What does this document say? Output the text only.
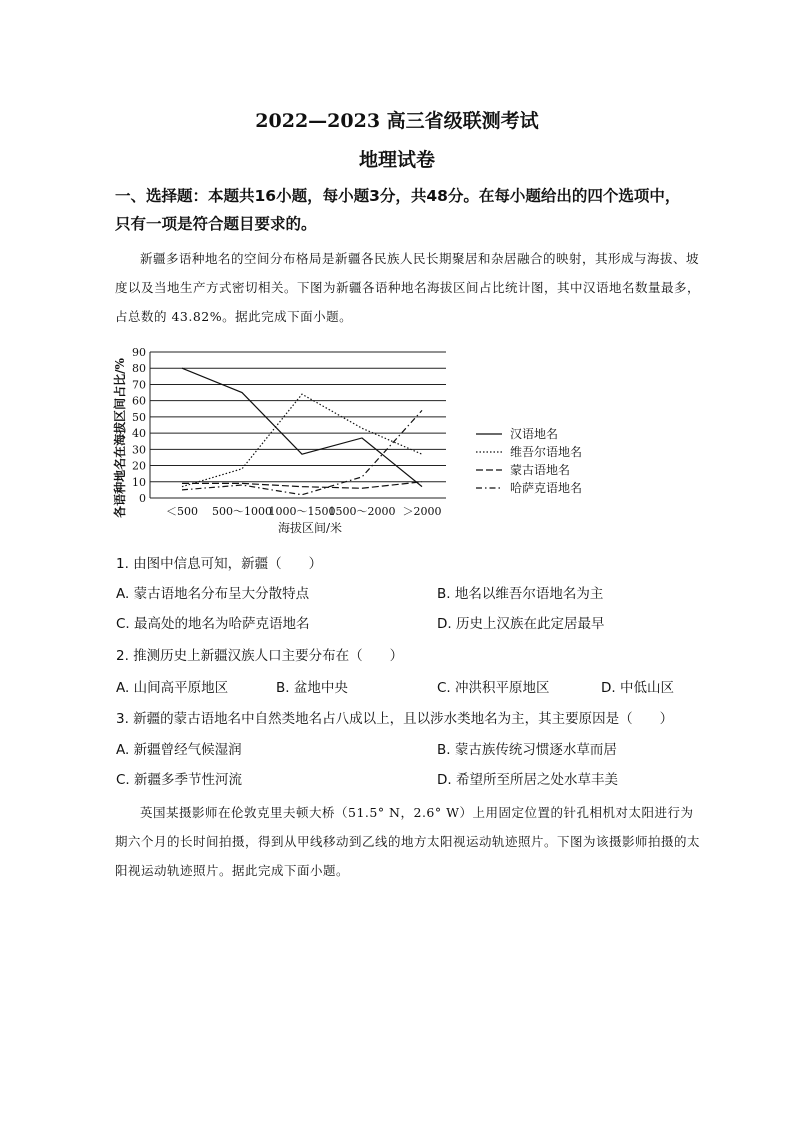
2022—2023 高三省级联测考试
地理试卷
一、选择题：本题共16小题，每小题3分，共48分。在每小题给出的四个选项中，只有一项是符合题目要求的。
新疆多语种地名的空间分布格局是新疆各民族人民长期聚居和杂居融合的映射，其形成与海拔、坡度以及当地生产方式密切相关。下图为新疆各语种地名海拔区间占比统计图，其中汉语地名数量最多，占总数的 43.82%。据此完成下面小题。
各语种地名在海拔区间占比/% 0
10
20
30
40
50
60
70
80
90
＜500 500～1000
1000～1500
1500～2000 ＞2000
汉语地名
维吾尔语地名
蒙古语地名
哈萨克语地名
海拔区间/米
1. 由图中信息可知，新疆（　　）
A. 蒙古语地名分布呈大分散特点	B. 地名以维吾尔语地名为主
C. 最高处的地名为哈萨克语地名	D. 历史上汉族在此定居最早
2. 推测历史上新疆汉族人口主要分布在（　　）
A. 山间高平原地区	B. 盆地中央	C. 冲洪积平原地区	D. 中低山区
3. 新疆的蒙古语地名中自然类地名占八成以上，且以涉水类地名为主，其主要原因是（　　）
A. 新疆曾经气候湿润	B. 蒙古族传统习惯逐水草而居
C. 新疆多季节性河流	D. 希望所至所居之处水草丰美
英国某摄影师在伦敦克里夫顿大桥（51.5° N，2.6° W）上用固定位置的针孔相机对太阳进行为期六个月的长时间拍摄，得到从甲线移动到乙线的地方太阳视运动轨迹照片。下图为该摄影师拍摄的太阳视运动轨迹照片。据此完成下面小题。
